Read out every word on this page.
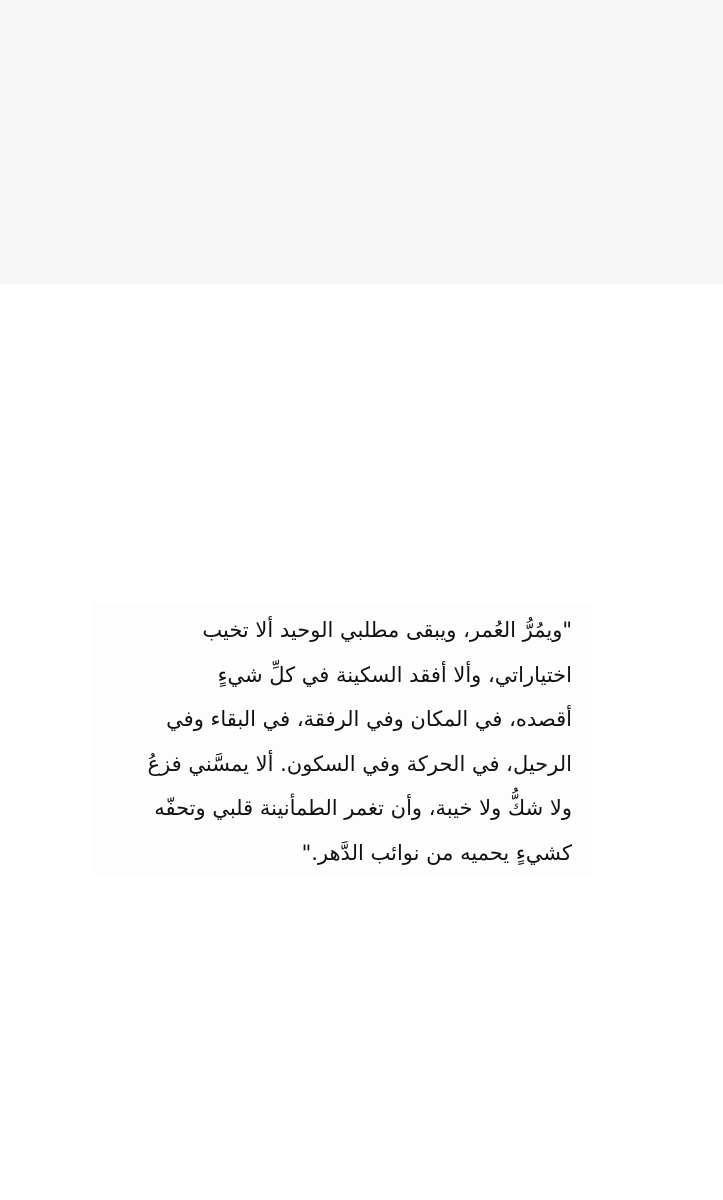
"ويمُرُّ العُمر، ويبقى مطلبي الوحيد ألا تخيب
اختياراتي، وألا أفقد السكينة في كلِّ شيءٍ
أقصده، في المكان وفي الرفقة، في البقاء وفي
الرحيل، في الحركة وفي السكون. ألا يمسَّني فزعُ
ولا شكُّ ولا خيبة، وأن تغمر الطمأنينة قلبي وتحفّه
كشيءٍ يحميه من نوائب الدَّهر."
